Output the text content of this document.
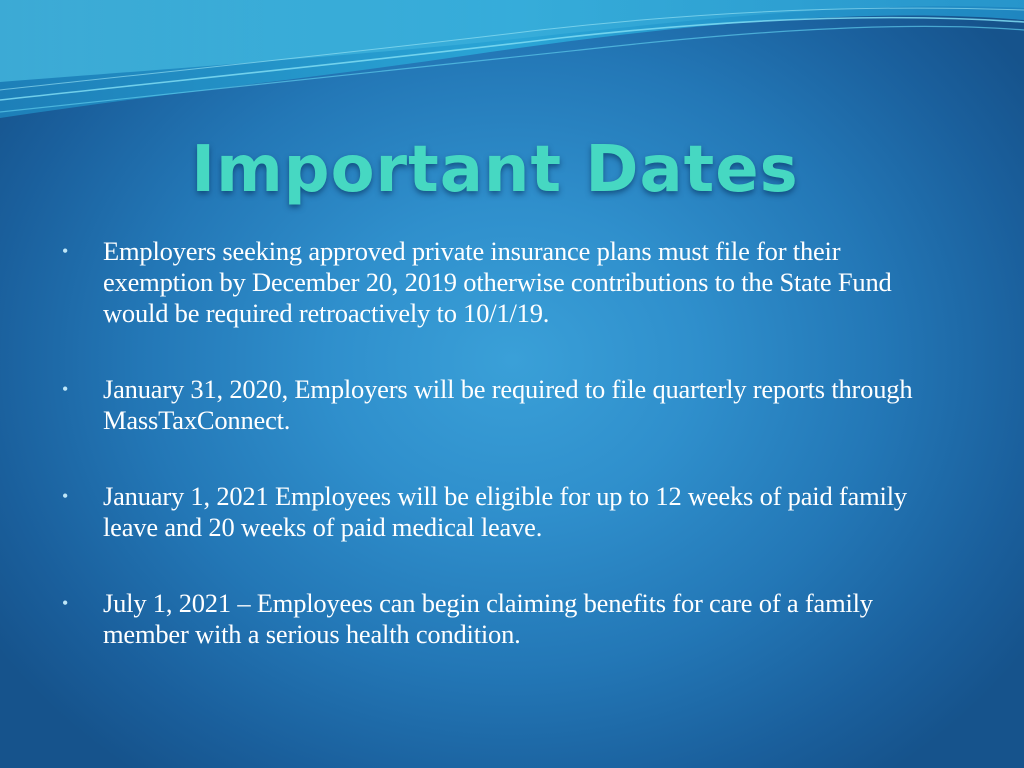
Important Dates
• Employers seeking approved private insurance plans must file for their exemption by December 20, 2019 otherwise contributions to the State Fund would be required retroactively to 10/1/19.
• January 31, 2020, Employers will be required to file quarterly reports through MassTaxConnect.
• January 1, 2021 Employees will be eligible for up to 12 weeks of paid family leave and 20 weeks of paid medical leave.
• July 1, 2021 – Employees can begin claiming benefits for care of a family member with a serious health condition.
